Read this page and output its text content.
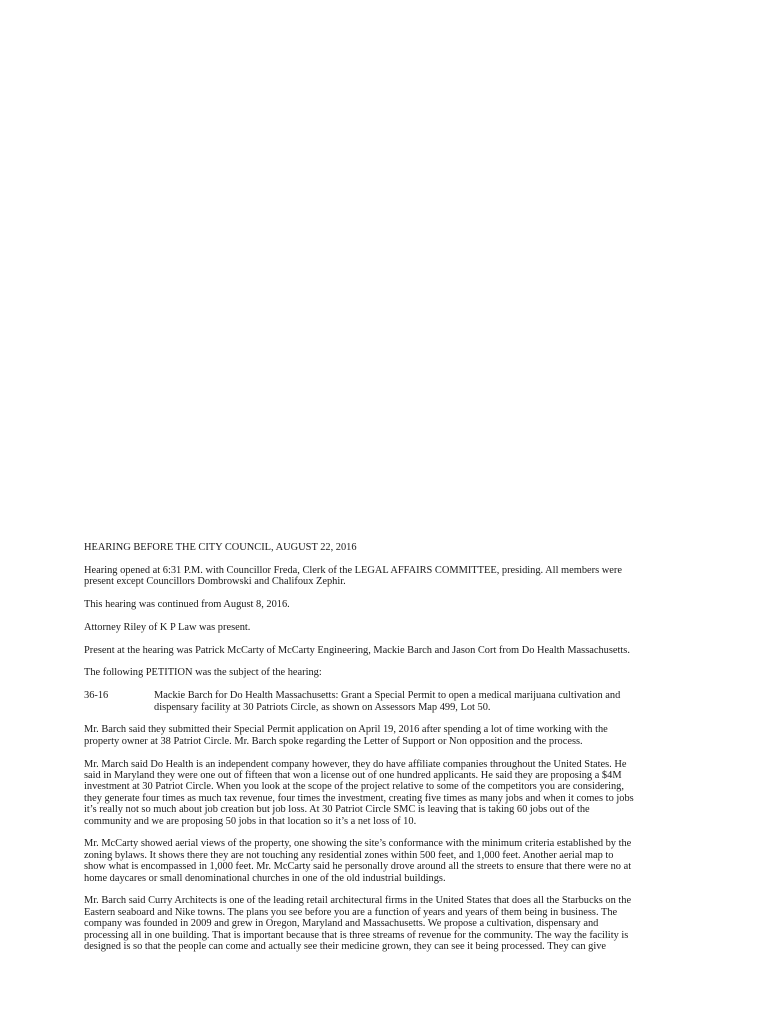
HEARING BEFORE THE CITY COUNCIL, AUGUST 22, 2016

Hearing opened at 6:31 P.M. with Councillor Freda, Clerk of the LEGAL AFFAIRS COMMITTEE, presiding. All members were
present except Councillors Dombrowski and Chalifoux Zephir.

This hearing was continued from August 8, 2016.

Attorney Riley of K P Law was present.

Present at the hearing was Patrick McCarty of McCarty Engineering, Mackie Barch and Jason Cort from Do Health Massachusetts.

The following PETITION was the subject of the hearing:

36-16	Mackie Barch for Do Health Massachusetts: Grant a Special Permit to open a medical marijuana cultivation and
dispensary facility at 30 Patriots Circle, as shown on Assessors Map 499, Lot 50.

Mr. Barch said they submitted their Special Permit application on April 19, 2016 after spending a lot of time working with the
property owner at 38 Patriot Circle. Mr. Barch spoke regarding the Letter of Support or Non opposition and the process.

Mr. March said Do Health is an independent company however, they do have affiliate companies throughout the United States. He
said in Maryland they were one out of fifteen that won a license out of one hundred applicants. He said they are proposing a $4M
investment at 30 Patriot Circle. When you look at the scope of the project relative to some of the competitors you are considering,
they generate four times as much tax revenue, four times the investment, creating five times as many jobs and when it comes to jobs
it’s really not so much about job creation but job loss. At 30 Patriot Circle SMC is leaving that is taking 60 jobs out of the
community and we are proposing 50 jobs in that location so it’s a net loss of 10.

Mr. McCarty showed aerial views of the property, one showing the site’s conformance with the minimum criteria established by the
zoning bylaws. It shows there they are not touching any residential zones within 500 feet, and 1,000 feet. Another aerial map to
show what is encompassed in 1,000 feet. Mr. McCarty said he personally drove around all the streets to ensure that there were no at
home daycares or small denominational churches in one of the old industrial buildings.

Mr. Barch said Curry Architects is one of the leading retail architectural firms in the United States that does all the Starbucks on the
Eastern seaboard and Nike towns. The plans you see before you are a function of years and years of them being in business. The
company was founded in 2009 and grew in Oregon, Maryland and Massachusetts. We propose a cultivation, dispensary and
processing all in one building. That is important because that is three streams of revenue for the community. The way the facility is
designed is so that the people can come and actually see their medicine grown, they can see it being processed. They can give
